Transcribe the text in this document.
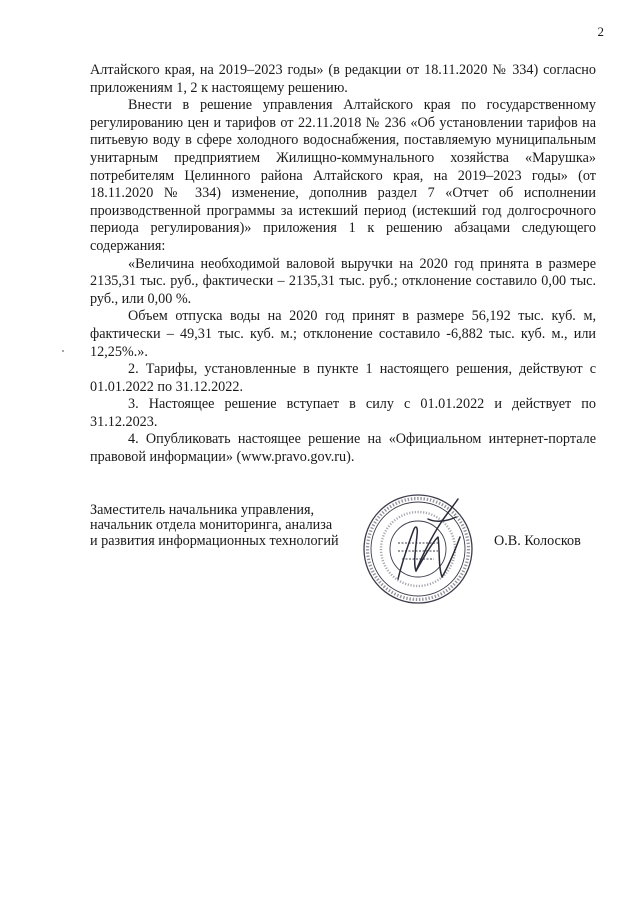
2

Алтайского края, на 2019–2023 годы» (в редакции от 18.11.2020 № 334) согласно приложениям 1, 2 к настоящему решению.

Внести в решение управления Алтайского края по государственному регулированию цен и тарифов от 22.11.2018 № 236 «Об установлении тарифов на питьевую воду в сфере холодного водоснабжения, поставляемую муниципальным унитарным предприятием Жилищно-коммунального хозяйства «Марушка» потребителям Целинного района Алтайского края, на 2019–2023 годы» (от 18.11.2020 № 334) изменение, дополнив раздел 7 «Отчет об исполнении производственной программы за истекший период (истекший год долгосрочного периода регулирования)» приложения 1 к решению абзацами следующего содержания:

«Величина необходимой валовой выручки на 2020 год принята в размере 2135,31 тыс. руб., фактически – 2135,31 тыс. руб.; отклонение составило 0,00 тыс. руб., или 0,00 %.

Объем отпуска воды на 2020 год принят в размере 56,192 тыс. куб. м, фактически – 49,31 тыс. куб. м.; отклонение составило -6,882 тыс. куб. м., или 12,25%.».

2. Тарифы, установленные в пункте 1 настоящего решения, действуют с 01.01.2022 по 31.12.2022.

3. Настоящее решение вступает в силу с 01.01.2022 и действует по 31.12.2023.

4. Опубликовать настоящее решение на «Официальном интернет-портале правовой информации» (www.pravo.gov.ru).

Заместитель начальника управления,
начальник отдела мониторинга, анализа
и развития информационных технологий	О.В. Колосков
